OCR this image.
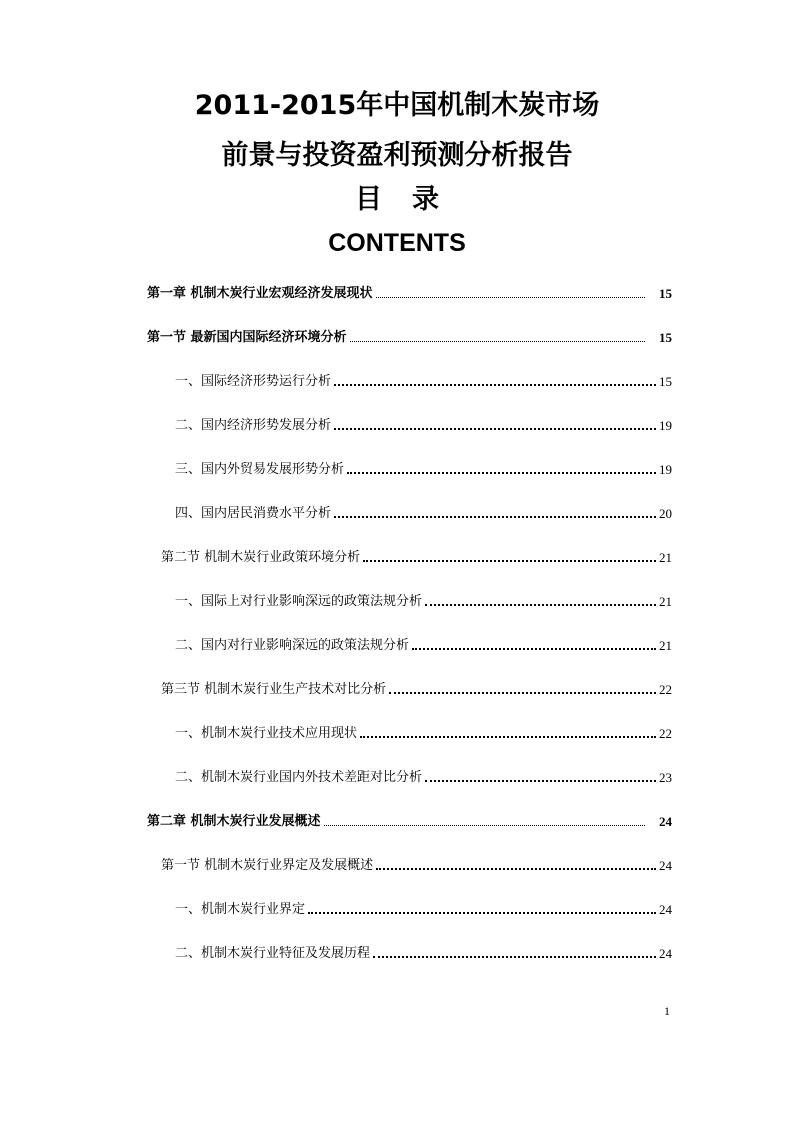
2011-2015年中国机制木炭市场
前景与投资盈利预测分析报告
目录
CONTENTS
第一章 机制木炭行业宏观经济发展现状	15
第一节 最新国内国际经济环境分析	15
一、国际经济形势运行分析	15
二、国内经济形势发展分析	19
三、国内外贸易发展形势分析	19
四、国内居民消费水平分析	20
第二节 机制木炭行业政策环境分析	21
一、国际上对行业影响深远的政策法规分析	21
二、国内对行业影响深远的政策法规分析	21
第三节 机制木炭行业生产技术对比分析	22
一、机制木炭行业技术应用现状	22
二、机制木炭行业国内外技术差距对比分析	23
第二章 机制木炭行业发展概述	24
第一节 机制木炭行业界定及发展概述	24
一、机制木炭行业界定	24
二、机制木炭行业特征及发展历程	24
1
